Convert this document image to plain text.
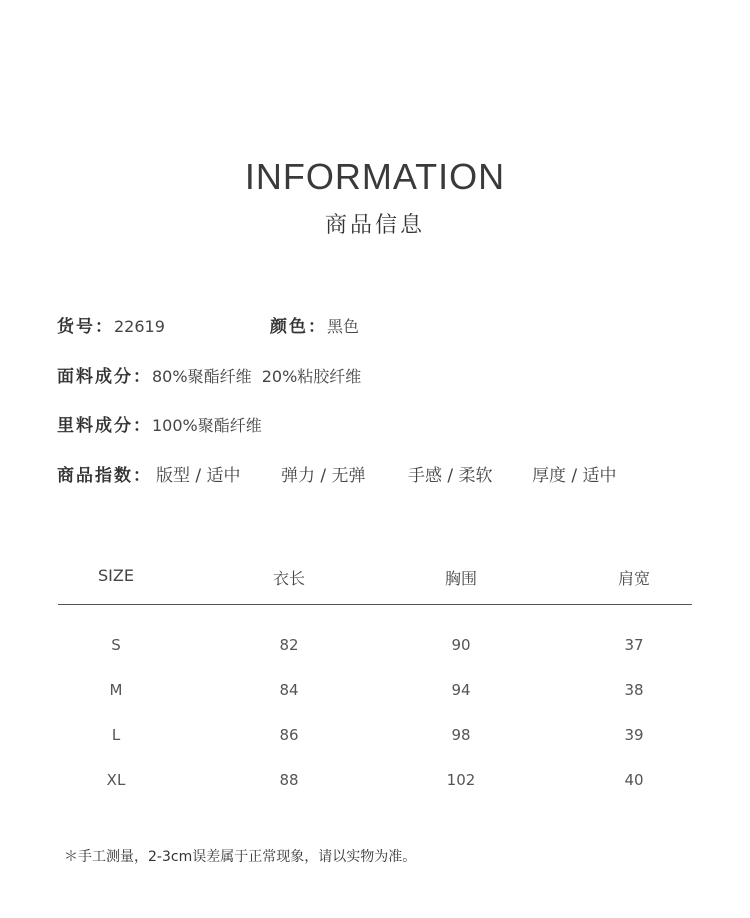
INFORMATION
商品信息
货号：22619	颜色：黑色
面料成分：80%聚酯纤维  20%粘胶纤维
里料成分：100%聚酯纤维
商品指数： 版型 / 适中 弹力 / 无弹 手感 / 柔软 厚度 / 适中
SIZE	衣长	胸围	肩宽
S	82	90	37
M	84	94	38
L	86	98	39
XL	88	102	40
＊手工测量，2-3cm误差属于正常现象，请以实物为准。
